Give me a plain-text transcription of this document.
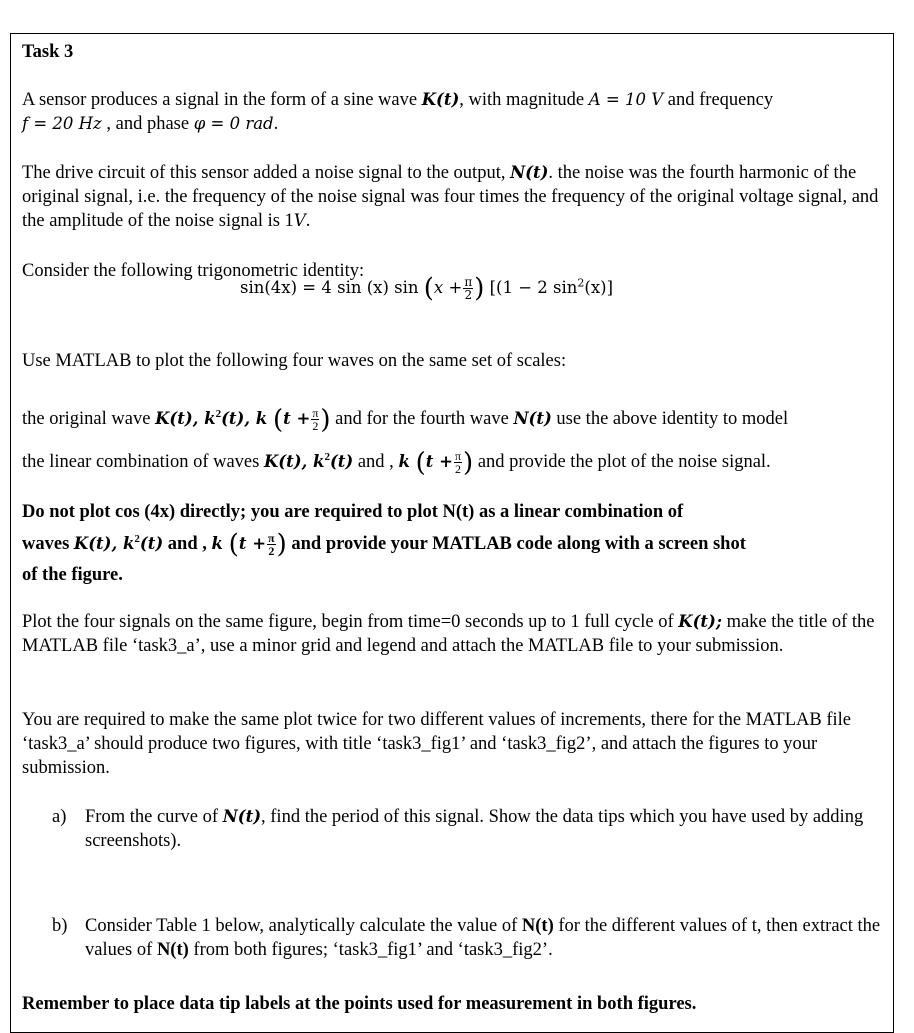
Task 3

A sensor produces a signal in the form of a sine wave K(t), with magnitude A = 10 V and frequency
f = 20 Hz , and phase φ = 0 rad.

The drive circuit of this sensor added a noise signal to the output, N(t). the noise was the fourth harmonic of the original signal, i.e. the frequency of the noise signal was four times the frequency of the original voltage signal, and the amplitude of the noise signal is 1V.

Consider the following trigonometric identity:

sin(4x) = 4 sin (x) $\sin (x + \frac{\pi}{2}$ ) [(1 − 2 $\sin^2(x)$]

Use MATLAB to plot the following four waves on the same set of scales:

the original wave K(t), $k^2(t)$, k ($t + \frac{\pi}{2}$ ) and for the fourth wave N(t) use the above identity to model
the linear combination of waves K(t), $k^2(t)$ and , k ($t + \frac{\pi}{2}$ ) and provide the plot of the noise signal.

Do not plot cos (4x) directly; you are required to plot N(t) as a linear combination of
waves K(t), $k^2(t)$ and , k ($t + \frac{\pi}{2}$ ) and provide your MATLAB code along with a screen shot
of the figure.

Plot the four signals on the same figure, begin from time=0 seconds up to 1 full cycle of K(t); make the title of the MATLAB file ‘task3_a’, use a minor grid and legend and attach the MATLAB file to your submission.

You are required to make the same plot twice for two different values of increments, there for the MATLAB file ‘task3_a’ should produce two figures, with title ‘task3_fig1’ and ‘task3_fig2’, and attach the figures to your submission.

a) From the curve of N(t), find the period of this signal. Show the data tips which you have used by adding screenshots).
b) Consider Table 1 below, analytically calculate the value of N(t) for the different values of t, then extract the values of N(t) from both figures; ‘task3_fig1’ and ‘task3_fig2’.

Remember to place data tip labels at the points used for measurement in both figures.
